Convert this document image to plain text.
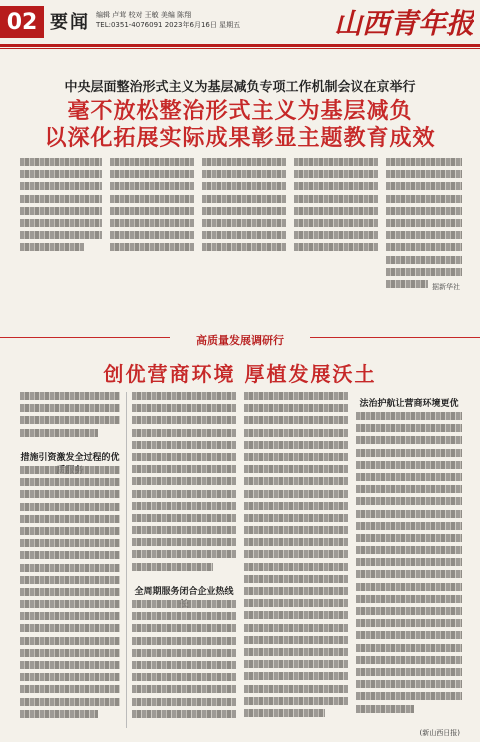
02 要闻 编辑 卢茸 校对 王敏 美编 陈翔
TEL:0351-4076091 2023年6月16日 星期五	山西青年报
中央层面整治形式主义为基层减负专项工作机制会议在京举行
毫不放松整治形式主义为基层减负
以深化拓展实际成果彰显主题教育成效
据新华社
高质量发展调研行
创优营商环境 厚植发展沃土
措施引资激发全过程的优
全周期服务闭合企业热线
法治护航让营商环境更优
(新山西日报)
